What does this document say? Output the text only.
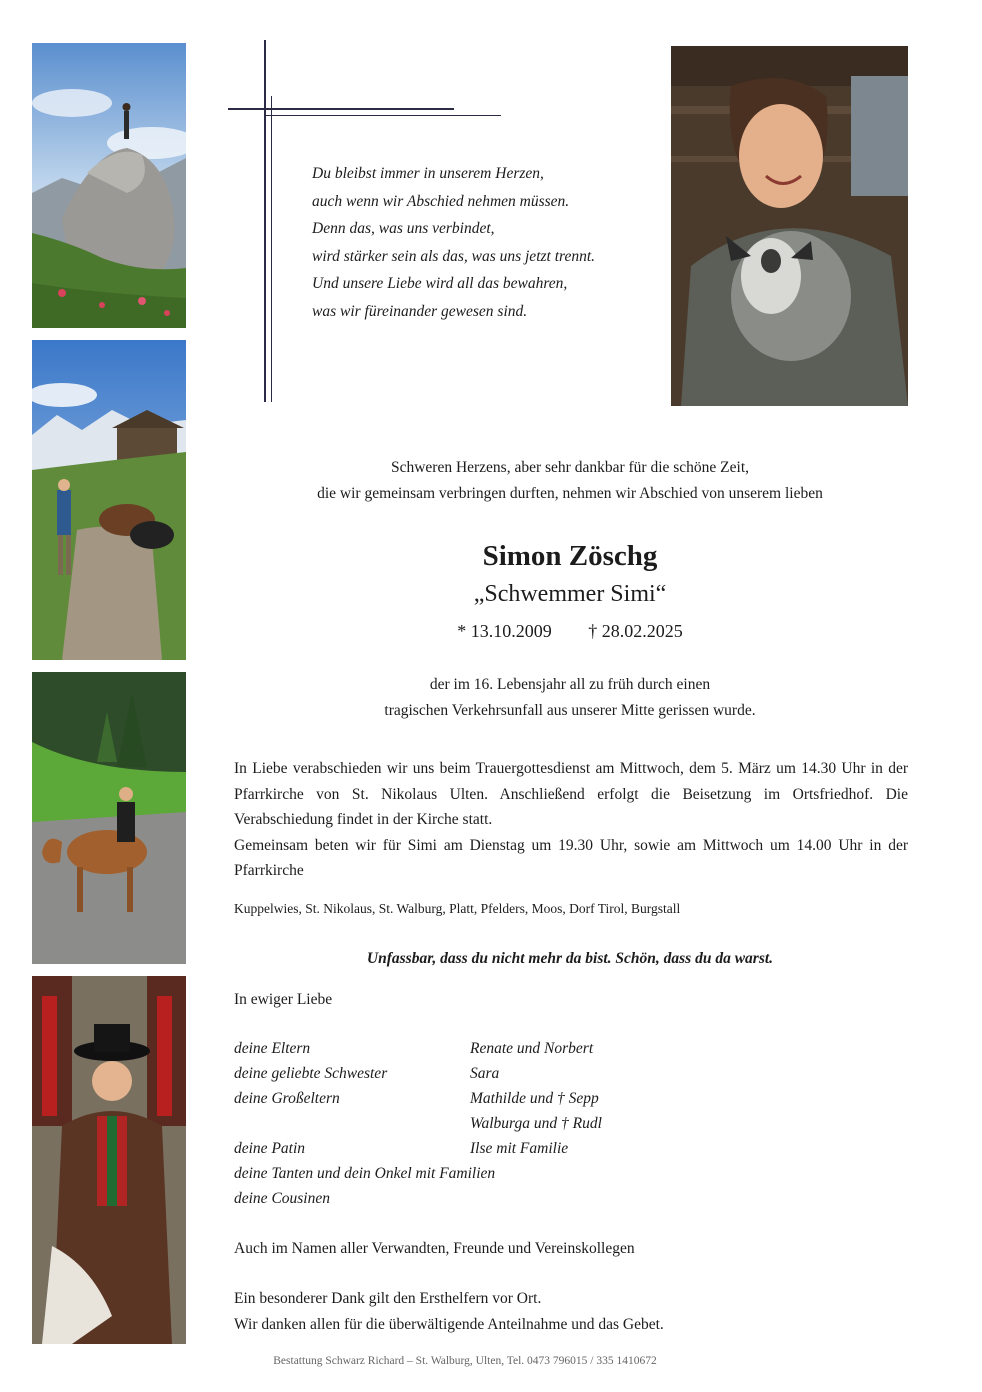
Du bleibst immer in unserem Herzen,
auch wenn wir Abschied nehmen müssen.
Denn das, was uns verbindet,
wird stärker sein als das, was uns jetzt trennt.
Und unsere Liebe wird all das bewahren,
was wir füreinander gewesen sind.
Schweren Herzens, aber sehr dankbar für die schöne Zeit,
die wir gemeinsam verbringen durften, nehmen wir Abschied von unserem lieben
Simon Zöschg
„Schwemmer Simi“
* 13.10.2009 † 28.02.2025
der im 16. Lebensjahr all zu früh durch einen
tragischen Verkehrsunfall aus unserer Mitte gerissen wurde.

In Liebe verabschieden wir uns beim Trauergottesdienst am Mittwoch, dem 5. März um 14.30 Uhr in der Pfarrkirche von St. Nikolaus Ulten. Anschließend erfolgt die Beisetzung im Ortsfriedhof. Die Verabschiedung findet in der Kirche statt.

Gemeinsam beten wir für Simi am Dienstag um 19.30 Uhr, sowie am Mittwoch um 14.00 Uhr in der Pfarrkirche

Kuppelwies, St. Nikolaus, St. Walburg, Platt, Pfelders, Moos, Dorf Tirol, Burgstall
Unfassbar, dass du nicht mehr da bist. Schön, dass du da warst.
In ewiger Liebe
deine Eltern	Renate und Norbert
deine geliebte Schwester	Sara
deine Großeltern	Mathilde und † Sepp
Walburga und † Rudl
deine Patin	Ilse mit Familie
deine Tanten und dein Onkel mit Familien
deine Cousinen
Auch im Namen aller Verwandten, Freunde und Vereinskollegen
Ein besonderer Dank gilt den Ersthelfern vor Ort.
Wir danken allen für die überwältigende Anteilnahme und das Gebet.
Bestattung Schwarz Richard – St. Walburg, Ulten, Tel. 0473 796015 / 335 1410672
